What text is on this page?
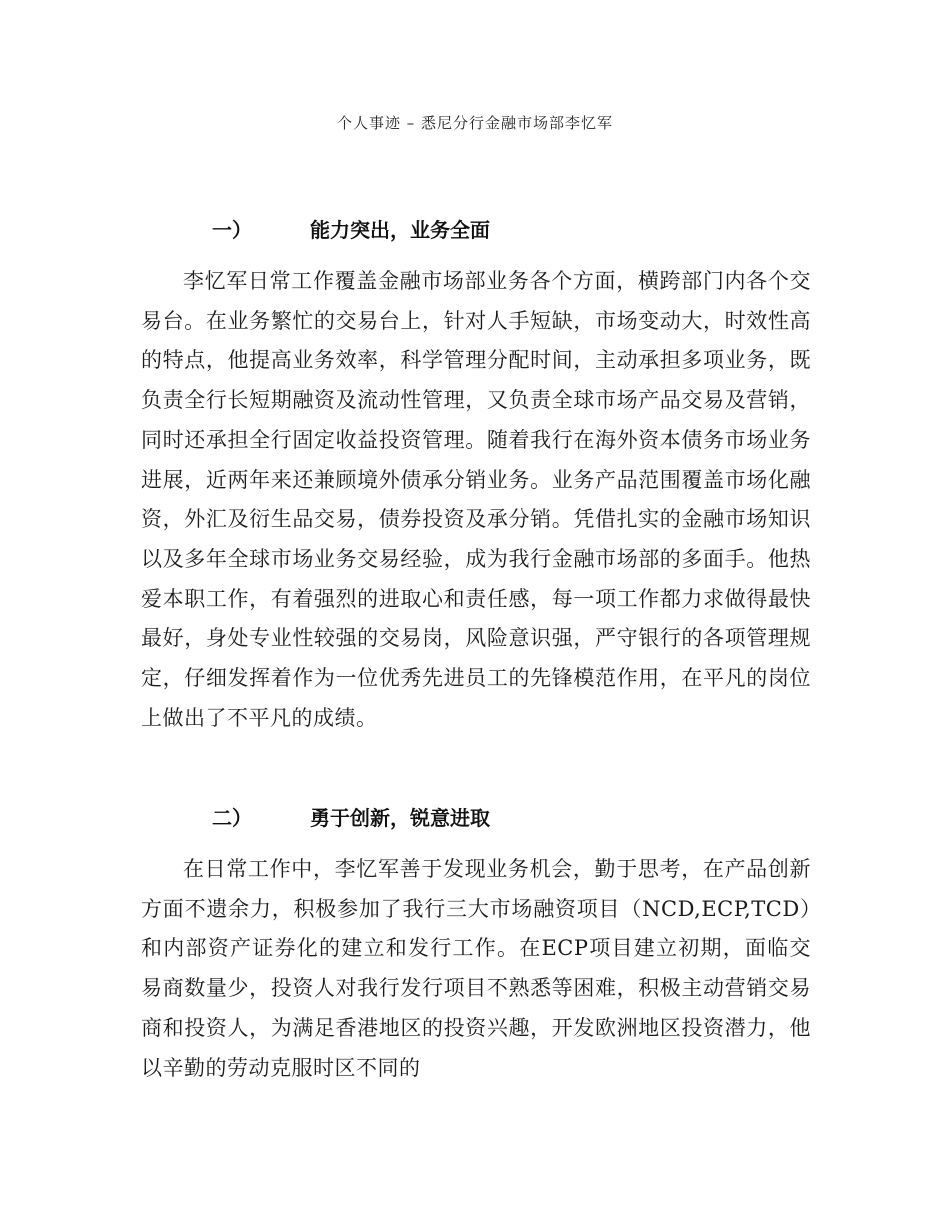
个人事迹 – 悉尼分行金融市场部李忆军
一）	能力突出，业务全面

李忆军日常工作覆盖金融市场部业务各个方面，横跨部门内各个交易台。在业务繁忙的交易台上，针对人手短缺，市场变动大，时效性高的特点，他提高业务效率，科学管理分配时间，主动承担多项业务，既负责全行长短期融资及流动性管理，又负责全球市场产品交易及营销，同时还承担全行固定收益投资管理。随着我行在海外资本债务市场业务进展，近两年来还兼顾境外债承分销业务。业务产品范围覆盖市场化融资，外汇及衍生品交易，债券投资及承分销。凭借扎实的金融市场知识以及多年全球市场业务交易经验，成为我行金融市场部的多面手。他热爱本职工作，有着强烈的进取心和责任感，每一项工作都力求做得最快最好，身处专业性较强的交易岗，风险意识强，严守银行的各项管理规定，仔细发挥着作为一位优秀先进员工的先锋模范作用，在平凡的岗位上做出了不平凡的成绩。

二）	勇于创新，锐意进取

在日常工作中，李忆军善于发现业务机会，勤于思考，在产品创新方面不遗余力，积极参加了我行三大市场融资项目（NCD,ECP,TCD）和内部资产证券化的建立和发行工作。在ECP项目建立初期，面临交易商数量少，投资人对我行发行项目不熟悉等困难，积极主动营销交易商和投资人，为满足香港地区的投资兴趣，开发欧洲地区投资潜力，他以辛勤的劳动克服时区不同的
